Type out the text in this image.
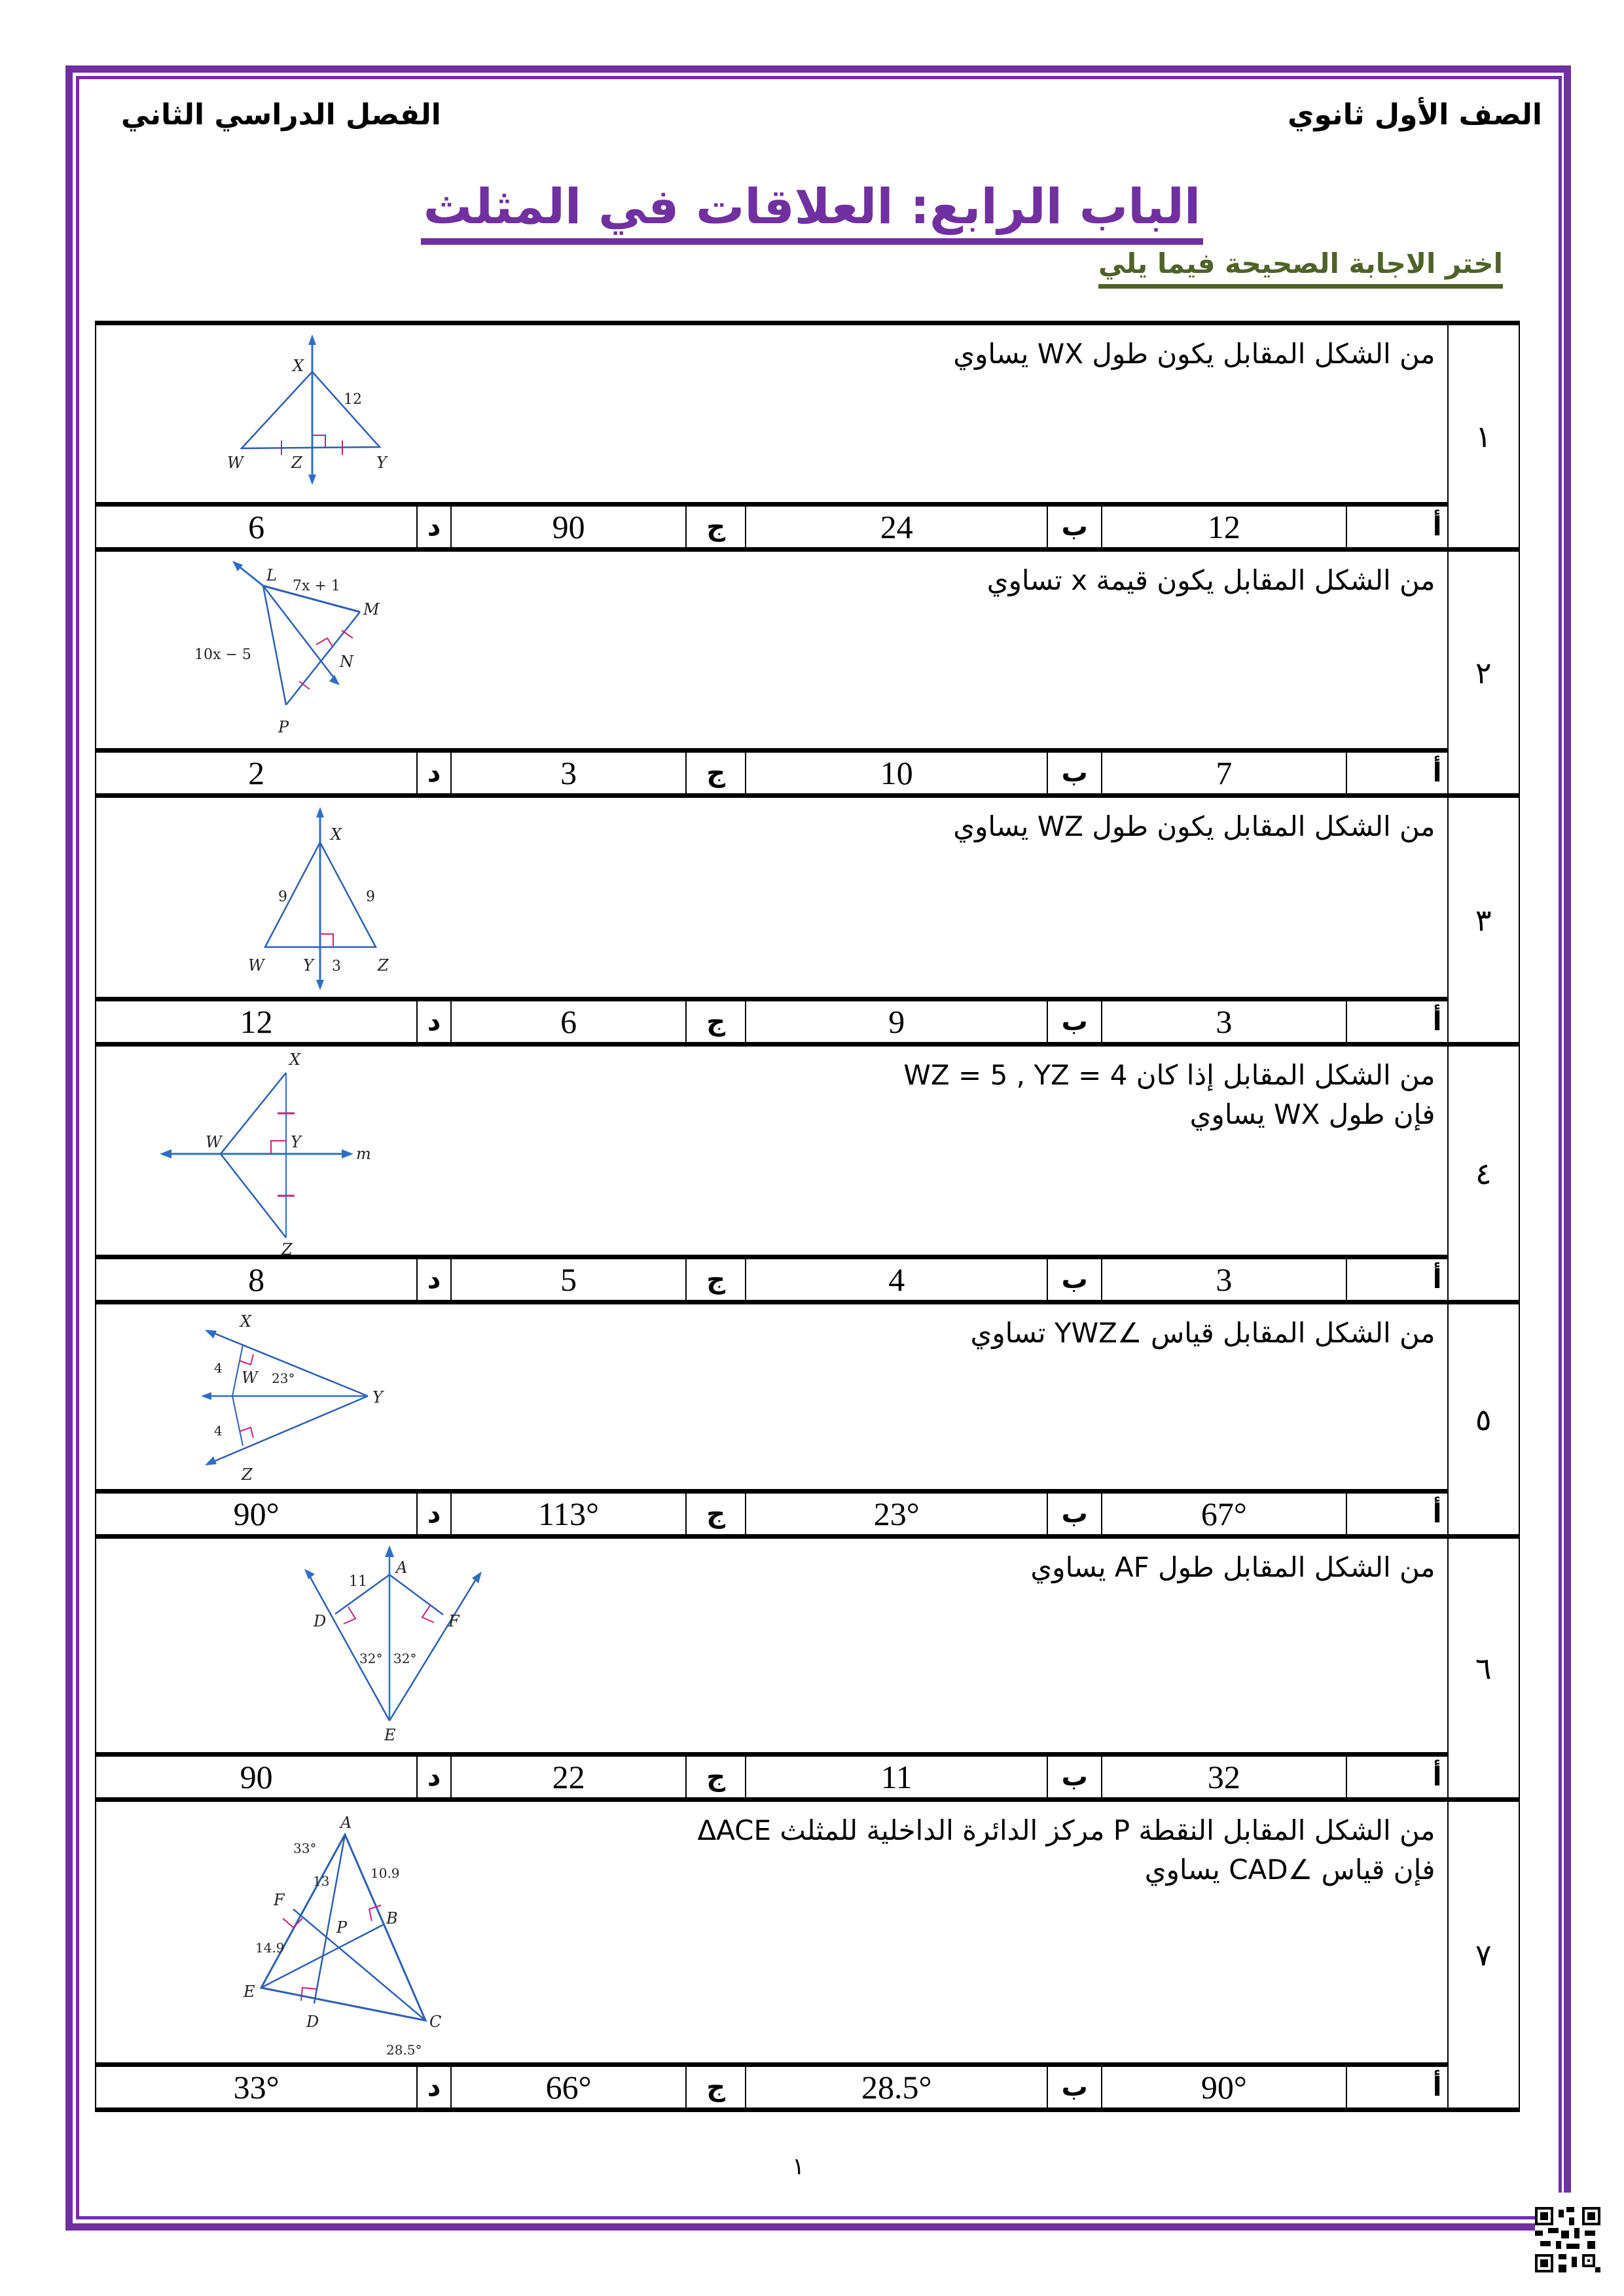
الصف الأول ثانوي
الفصل الدراسي الثاني
الباب الرابع: العلاقات في المثلث
اختر الاجابة الصحيحة فيما يلي
من الشكل المقابل يكون طول WX يساوي
X
12
W	Z	Y
	١
6	د	90	ج	24	ب	12	أ	

من الشكل المقابل يكون قيمة x تساوي
L
7x + 1
M
N
10x − 5
P
	٢
2	د	3	ج	10	ب	7	أ	

من الشكل المقابل يكون طول WZ يساوي
X
9	9
W Y 3 Z
	٣
12	د	6	ج	9	ب	3	أ	

من الشكل المقابل إذا كان WZ = 5 , YZ = 4
فإن طول WX يساوي
X
W	Y
m
Z
	٤
8	د	5	ج	4	ب	3	أ	

من الشكل المقابل قياس ∠YWZ تساوي
X
4
W 23°
Y
4
Z
	٥
90°	د	113°	ج	23°	ب	67°	أ	

من الشكل المقابل طول AF يساوي
A
11
D	F
32° 32°
E
	٦
90	د	22	ج	11	ب	32	أ	

من الشكل المقابل النقطة P مركز الدائرة الداخلية للمثلث ΔACE
فإن قياس ∠CAD يساوي
A
33°
13	10.9
F
B
P
14.9
E
D	C
28.5°
	٧
33°	د	66°	ج	28.5°	ب	90°	أ	
١
